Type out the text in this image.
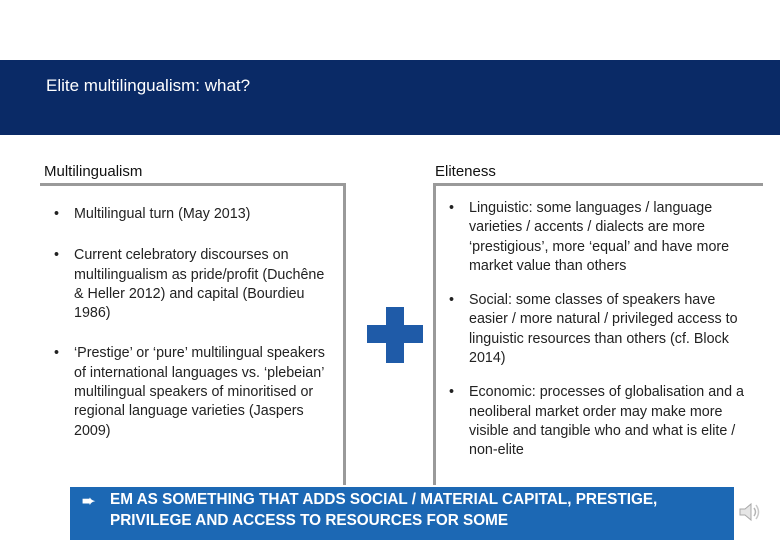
Elite multilingualism: what?
Multilingualism	Eliteness
• Multilingual turn (May 2013)
• Current celebratory discourses on multilingualism as pride/profit (Duchêne & Heller 2012) and capital (Bourdieu 1986)
• ‘Prestige’ or ‘pure’ multilingual speakers of international languages vs. ‘plebeian’ multilingual speakers of minoritised or regional language varieties (Jaspers 2009)
• Linguistic: some languages / language varieties / accents / dialects are more ‘prestigious’, more ‘equal’ and have more market value than others
• Social: some classes of speakers have easier / more natural / privileged access to linguistic resources than others (cf. Block 2014)
• Economic: processes of globalisation and a neoliberal market order may make more visible and tangible who and what is elite / non-elite
➨ EM AS SOMETHING THAT ADDS SOCIAL / MATERIAL CAPITAL, PRESTIGE, PRIVILEGE AND ACCESS TO RESOURCES FOR SOME
